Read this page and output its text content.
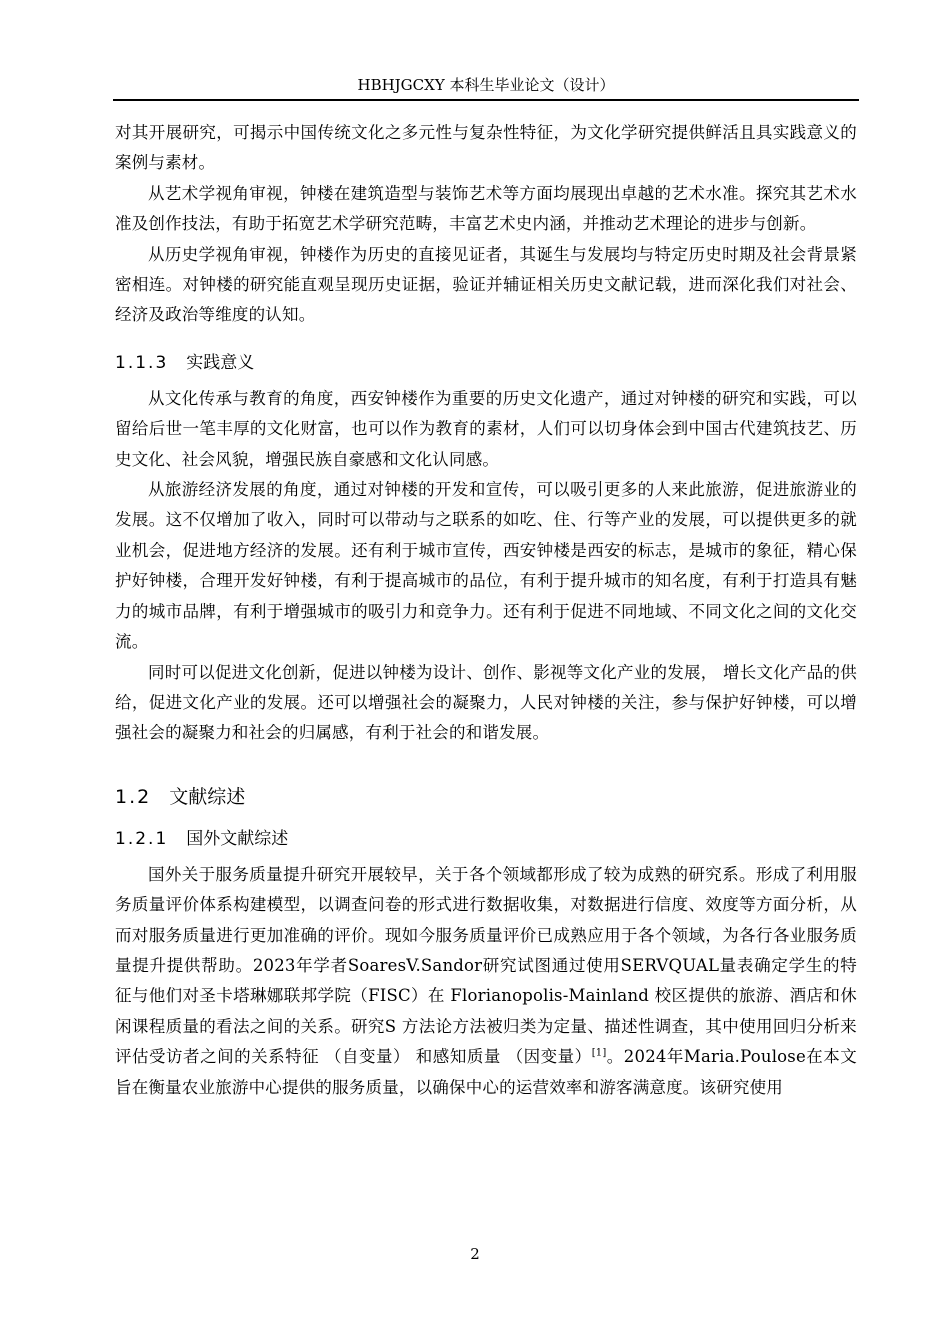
HBHJGCXY 本科生毕业论文（设计）

对其开展研究，可揭示中国传统文化之多元性与复杂性特征，为文化学研究提供鲜活且具实践意义的案例与素材。

从艺术学视角审视，钟楼在建筑造型与装饰艺术等方面均展现出卓越的艺术水准。探究其艺术水准及创作技法，有助于拓宽艺术学研究范畴，丰富艺术史内涵，并推动艺术理论的进步与创新。

从历史学视角审视，钟楼作为历史的直接见证者，其诞生与发展均与特定历史时期及社会背景紧密相连。对钟楼的研究能直观呈现历史证据，验证并辅证相关历史文献记载，进而深化我们对社会、经济及政治等维度的认知。

1.1.3 实践意义

从文化传承与教育的角度，西安钟楼作为重要的历史文化遗产，通过对钟楼的研究和实践，可以留给后世一笔丰厚的文化财富，也可以作为教育的素材，人们可以切身体会到中国古代建筑技艺、历史文化、社会风貌，增强民族自豪感和文化认同感。

从旅游经济发展的角度，通过对钟楼的开发和宣传，可以吸引更多的人来此旅游，促进旅游业的发展。这不仅增加了收入，同时可以带动与之联系的如吃、住、行等产业的发展，可以提供更多的就业机会，促进地方经济的发展。还有利于城市宣传，西安钟楼是西安的标志，是城市的象征，精心保护好钟楼，合理开发好钟楼，有利于提高城市的品位，有利于提升城市的知名度，有利于打造具有魅力的城市品牌，有利于增强城市的吸引力和竞争力。还有利于促进不同地域、不同文化之间的文化交流。

同时可以促进文化创新，促进以钟楼为设计、创作、影视等文化产业的发展， 增长文化产品的供给，促进文化产业的发展。还可以增强社会的凝聚力，人民对钟楼的关注，参与保护好钟楼，可以增强社会的凝聚力和社会的归属感，有利于社会的和谐发展。

1.2 文献综述
1.2.1 国外文献综述

国外关于服务质量提升研究开展较早，关于各个领域都形成了较为成熟的研究系。形成了利用服务质量评价体系构建模型，以调查问卷的形式进行数据收集，对数据进行信度、效度等方面分析，从而对服务质量进行更加准确的评价。现如今服务质量评价已成熟应用于各个领域，为各行各业服务质量提升提供帮助。2023年学者SoaresV.Sandor研究试图通过使用SERVQUAL量表确定学生的特征与他们对圣卡塔琳娜联邦学院（FISC）在 Florianopolis-Mainland 校区提供的旅游、酒店和休闲课程质量的看法之间的关系。研究S 方法论方法被归类为定量、描述性调查，其中使用回归分析来评估受访者之间的关系特征 （自变量） 和感知质量 （因变量）[1]。2024年Maria.Poulose在本文旨在衡量农业旅游中心提供的服务质量，以确保中心的运营效率和游客满意度。该研究使用

2
